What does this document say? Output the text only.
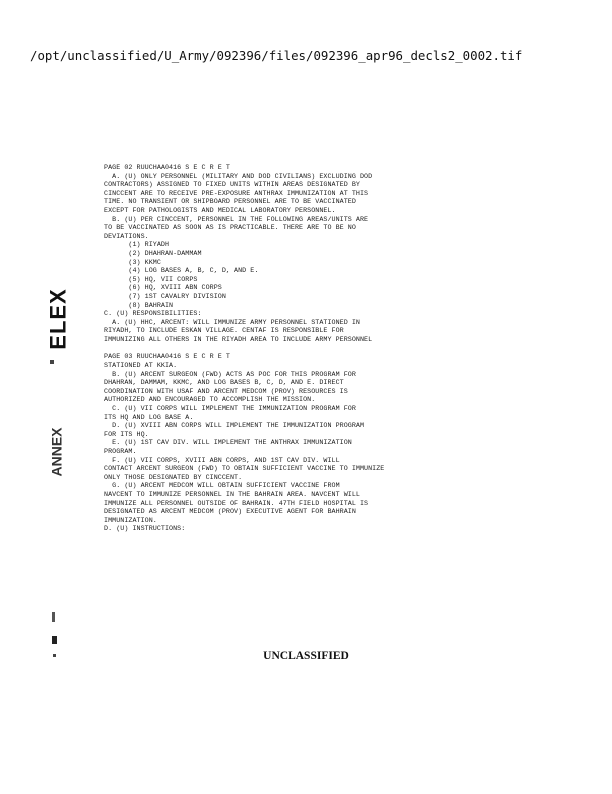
/opt/unclassified/U_Army/092396/files/092396_apr96_decls2_0002.tif
ELEX
ANNEX
PAGE 02 RUUCHAA0416 S E C R E T
A. (U) ONLY PERSONNEL (MILITARY AND DOD CIVILIANS) EXCLUDING DOD
CONTRACTORS) ASSIGNED TO FIXED UNITS WITHIN AREAS DESIGNATED BY
CINCCENT ARE TO RECEIVE PRE-EXPOSURE ANTHRAX IMMUNIZATION AT THIS
TIME. NO TRANSIENT OR SHIPBOARD PERSONNEL ARE TO BE VACCINATED
EXCEPT FOR PATHOLOGISTS AND MEDICAL LABORATORY PERSONNEL.
B. (U) PER CINCCENT, PERSONNEL IN THE FOLLOWING AREAS/UNITS ARE
TO BE VACCINATED AS SOON AS IS PRACTICABLE. THERE ARE TO BE NO
DEVIATIONS.
(1) RIYADH
(2) DHAHRAN-DAMMAM
(3) KKMC
(4) LOG BASES A, B, C, D, AND E.
(5) HQ, VII CORPS
(6) HQ, XVIII ABN CORPS
(7) 1ST CAVALRY DIVISION
(8) BAHRAIN
C. (U) RESPONSIBILITIES:
A. (U) HHC, ARCENT: WILL IMMUNIZE ARMY PERSONNEL STATIONED IN
RIYADH, TO INCLUDE ESKAN VILLAGE. CENTAF IS RESPONSIBLE FOR
IMMUNIZING ALL OTHERS IN THE RIYADH AREA TO INCLUDE ARMY PERSONNEL
PAGE 03 RUUCHAA0416 S E C R E T
STATIONED AT KKIA.
B. (U) ARCENT SURGEON (FWD) ACTS AS POC FOR THIS PROGRAM FOR
DHAHRAN, DAMMAM, KKMC, AND LOG BASES B, C, D, AND E. DIRECT
COORDINATION WITH USAF AND ARCENT MEDCOM (PROV) RESOURCES IS
AUTHORIZED AND ENCOURAGED TO ACCOMPLISH THE MISSION.
C. (U) VII CORPS WILL IMPLEMENT THE IMMUNIZATION PROGRAM FOR
ITS HQ AND LOG BASE A.
D. (U) XVIII ABN CORPS WILL IMPLEMENT THE IMMUNIZATION PROGRAM
FOR ITS HQ.
E. (U) 1ST CAV DIV. WILL IMPLEMENT THE ANTHRAX IMMUNIZATION
PROGRAM.
F. (U) VII CORPS, XVIII ABN CORPS, AND 1ST CAV DIV. WILL
CONTACT ARCENT SURGEON (FWD) TO OBTAIN SUFFICIENT VACCINE TO IMMUNIZE
ONLY THOSE DESIGNATED BY CINCCENT.
G. (U) ARCENT MEDCOM WILL OBTAIN SUFFICIENT VACCINE FROM
NAVCENT TO IMMUNIZE PERSONNEL IN THE BAHRAIN AREA. NAVCENT WILL
IMMUNIZE ALL PERSONNEL OUTSIDE OF BAHRAIN. 47TH FIELD HOSPITAL IS
DESIGNATED AS ARCENT MEDCOM (PROV) EXECUTIVE AGENT FOR BAHRAIN
IMMUNIZATION.
D. (U) INSTRUCTIONS:
UNCLASSIFIED
